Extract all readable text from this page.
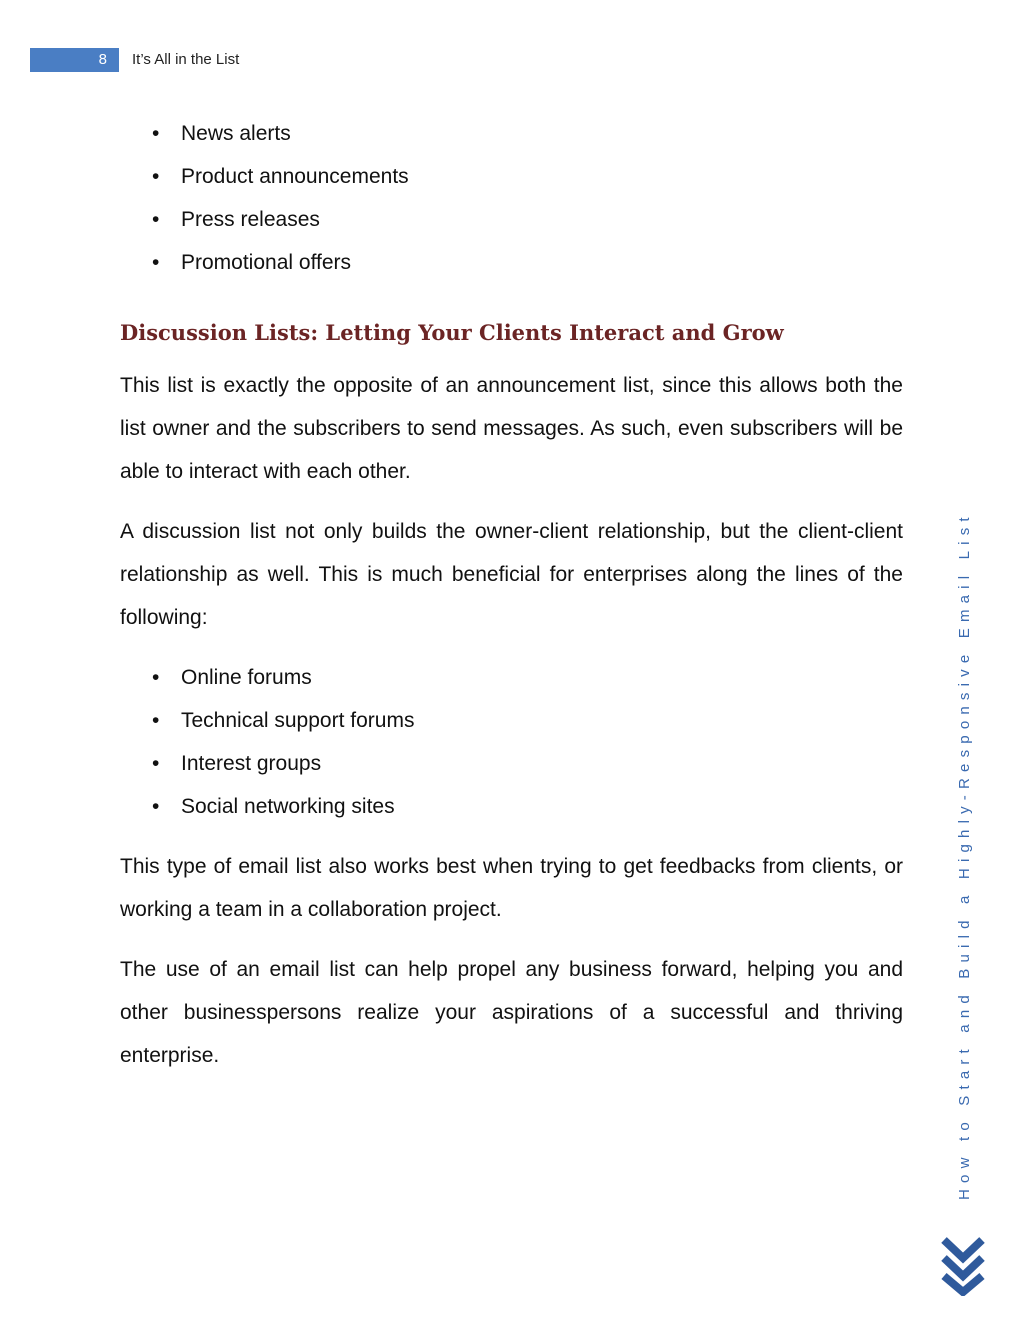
8	It’s All in the List
• News alerts
• Product announcements
• Press releases
• Promotional offers
Discussion Lists: Letting Your Clients Interact and Grow

This list is exactly the opposite of an announcement list, since this allows both the list owner and the subscribers to send messages. As such, even subscribers will be able to interact with each other.

A discussion list not only builds the owner-client relationship, but the client-client relationship as well. This is much beneficial for enterprises along the lines of the following:

• Online forums
• Technical support forums
• Interest groups
• Social networking sites

This type of email list also works best when trying to get feedbacks from clients, or working a team in a collaboration project.

The use of an email list can help propel any business forward, helping you and other businesspersons realize your aspirations of a successful and thriving enterprise.	How to Start and Build a Highly-Responsive Email List
